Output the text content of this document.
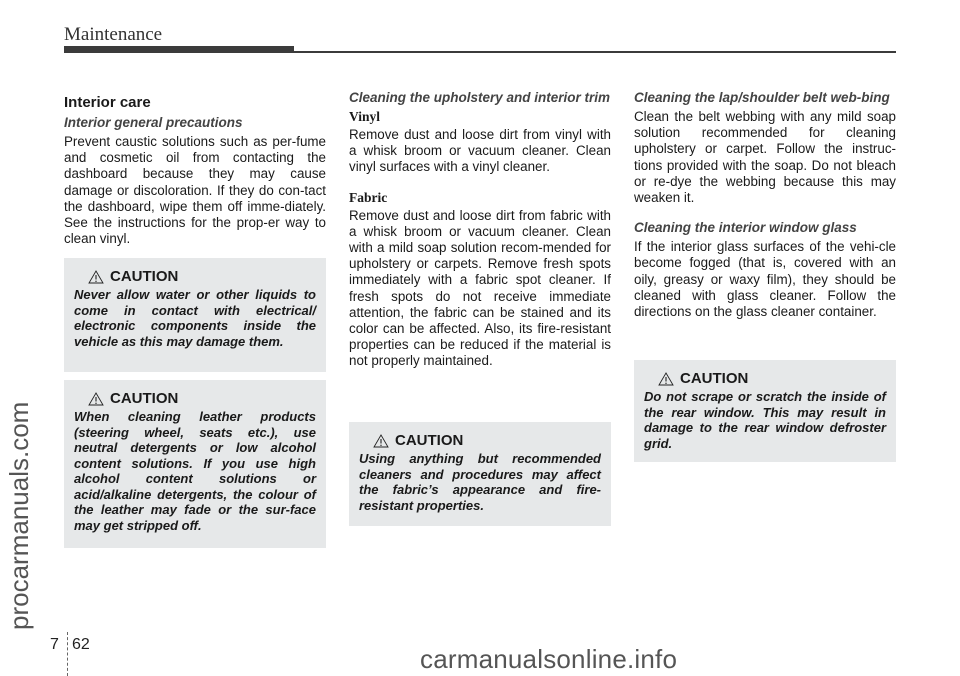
Maintenance
procarmanuals.com
Interior care
Interior general precautions

Prevent caustic solutions such as per-fume and cosmetic oil from contacting the dashboard because they may cause damage or discoloration. If they do con-tact the dashboard, wipe them off imme-diately. See the instructions for the prop-er way to clean vinyl.

CAUTION
Never allow water or other liquids to come in contact with electrical/ electronic components inside the vehicle as this may damage them.
CAUTION
When cleaning leather products (steering wheel, seats etc.), use neutral detergents or low alcohol content solutions. If you use high alcohol content solutions or acid/alkaline detergents, the colour of the leather may fade or the sur-face may get stripped off.
Cleaning the upholstery and interior trim
Vinyl

Remove dust and loose dirt from vinyl with a whisk broom or vacuum cleaner. Clean vinyl surfaces with a vinyl cleaner.

Fabric

Remove dust and loose dirt from fabric with a whisk broom or vacuum cleaner. Clean with a mild soap solution recom-mended for upholstery or carpets. Remove fresh spots immediately with a fabric spot cleaner. If fresh spots do not receive immediate attention, the fabric can be stained and its color can be affected. Also, its fire-resistant properties can be reduced if the material is not properly maintained.

CAUTION
Using anything but recommended cleaners and procedures may affect the fabric’s appearance and fire-resistant properties.
Cleaning the lap/shoulder belt web-bing

Clean the belt webbing with any mild soap solution recommended for cleaning upholstery or carpet. Follow the instruc-tions provided with the soap. Do not bleach or re-dye the webbing because this may weaken it.

Cleaning the interior window glass

If the interior glass surfaces of the vehi-cle become fogged (that is, covered with an oily, greasy or waxy film), they should be cleaned with glass cleaner. Follow the directions on the glass cleaner container.

CAUTION
Do not scrape or scratch the inside of the rear window. This may result in damage to the rear window defroster grid.
7 62	carmanualsonline.info
